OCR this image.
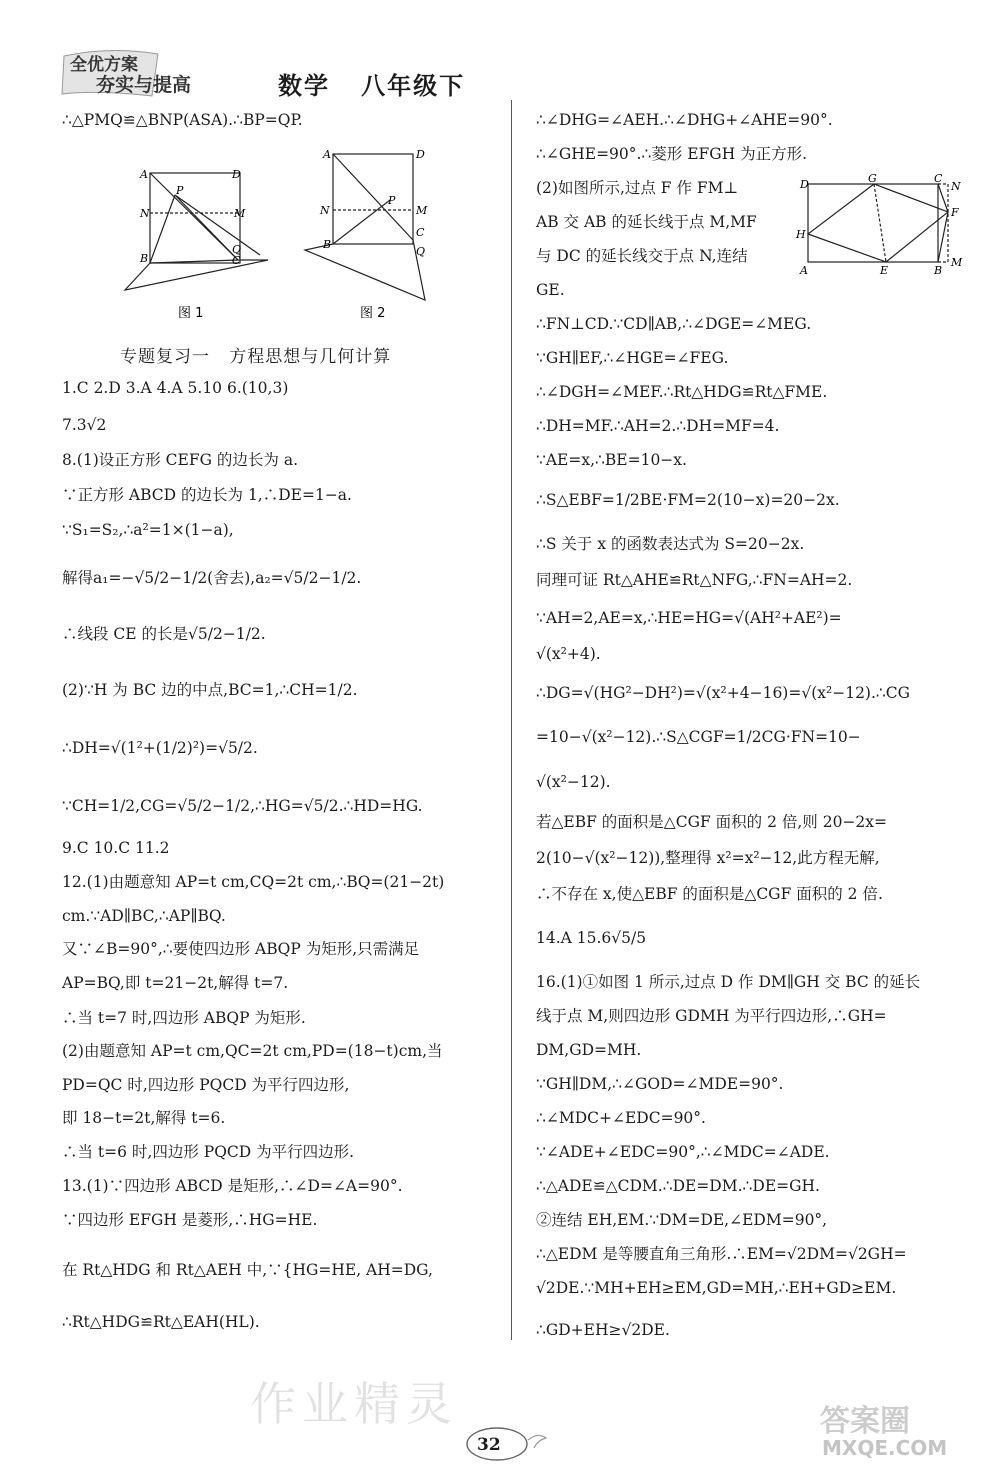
全优方案
夯实与提高	数学   八年级下
A	D
P
N	M
Q
B	C
图 1
A	D
P
N	M
C
B
Q
图 2
专题复习一   方程思想与几何计算
∴△PMQ≌△BNP(ASA).∴BP=QP.
1.C 2.D 3.A 4.A 5.10 6.(10,3)
7.3√2
8.(1)设正方形 CEFG 的边长为 a.
∵正方形 ABCD 的边长为 1,∴DE=1−a.
∵S₁=S₂,∴a²=1×(1−a),
解得a₁=−√5/2−1/2(舍去),a₂=√5/2−1/2.
∴线段 CE 的长是√5/2−1/2.
(2)∵H 为 BC 边的中点,BC=1,∴CH=1/2.
∴DH=√(1²+(1/2)²)=√5/2.
∵CH=1/2,CG=√5/2−1/2,∴HG=√5/2.∴HD=HG.
9.C 10.C 11.2
12.(1)由题意知 AP=t cm,CQ=2t cm,∴BQ=(21−2t)
cm.∵AD∥BC,∴AP∥BQ.
又∵∠B=90°,∴要使四边形 ABQP 为矩形,只需满足
AP=BQ,即 t=21−2t,解得 t=7.
∴当 t=7 时,四边形 ABQP 为矩形.
(2)由题意知 AP=t cm,QC=2t cm,PD=(18−t)cm,当
PD=QC 时,四边形 PQCD 为平行四边形,
即 18−t=2t,解得 t=6.
∴当 t=6 时,四边形 PQCD 为平行四边形.
13.(1)∵四边形 ABCD 是矩形,∴∠D=∠A=90°.
∵四边形 EFGH 是菱形,∴HG=HE.
在 Rt△HDG 和 Rt△AEH 中,∵{HG=HE, AH=DG,
∴Rt△HDG≌Rt△EAH(HL).
D	G	C
N
F
H
A	E	B
M
∴∠DHG=∠AEH.∴∠DHG+∠AHE=90°.
∴∠GHE=90°.∴菱形 EFGH 为正方形.
(2)如图所示,过点 F 作 FM⊥
AB 交 AB 的延长线于点 M,MF
与 DC 的延长线交于点 N,连结
GE.
∴FN⊥CD.∵CD∥AB,∴∠DGE=∠MEG.
∵GH∥EF,∴∠HGE=∠FEG.
∴∠DGH=∠MEF.∴Rt△HDG≌Rt△FME.
∴DH=MF.∴AH=2.∴DH=MF=4.
∵AE=x,∴BE=10−x.
∴S△EBF=1/2BE·FM=2(10−x)=20−2x.
∴S 关于 x 的函数表达式为 S=20−2x.
同理可证 Rt△AHE≌Rt△NFG,∴FN=AH=2.
∵AH=2,AE=x,∴HE=HG=√(AH²+AE²)=
√(x²+4).
∴DG=√(HG²−DH²)=√(x²+4−16)=√(x²−12).∴CG
=10−√(x²−12).∴S△CGF=1/2CG·FN=10−
√(x²−12).
若△EBF 的面积是△CGF 面积的 2 倍,则 20−2x=
2(10−√(x²−12)),整理得 x²=x²−12,此方程无解,
∴不存在 x,使△EBF 的面积是△CGF 面积的 2 倍.
14.A 15.6√5/5
16.(1)①如图 1 所示,过点 D 作 DM∥GH 交 BC 的延长
线于点 M,则四边形 GDMH 为平行四边形,∴GH=
DM,GD=MH.
∵GH∥DM,∴∠GOD=∠MDE=90°.
∴∠MDC+∠EDC=90°.
∵∠ADE+∠EDC=90°,∴∠MDC=∠ADE.
∴△ADE≌△CDM.∴DE=DM.∴DE=GH.
②连结 EH,EM.∵DM=DE,∠EDM=90°,
∴△EDM 是等腰直角三角形.∴EM=√2DM=√2GH=
√2DE.∵MH+EH≥EM,GD=MH,∴EH+GD≥EM.
∴GD+EH≥√2DE.
作业精灵
32
答案圈
MXQE.COM
